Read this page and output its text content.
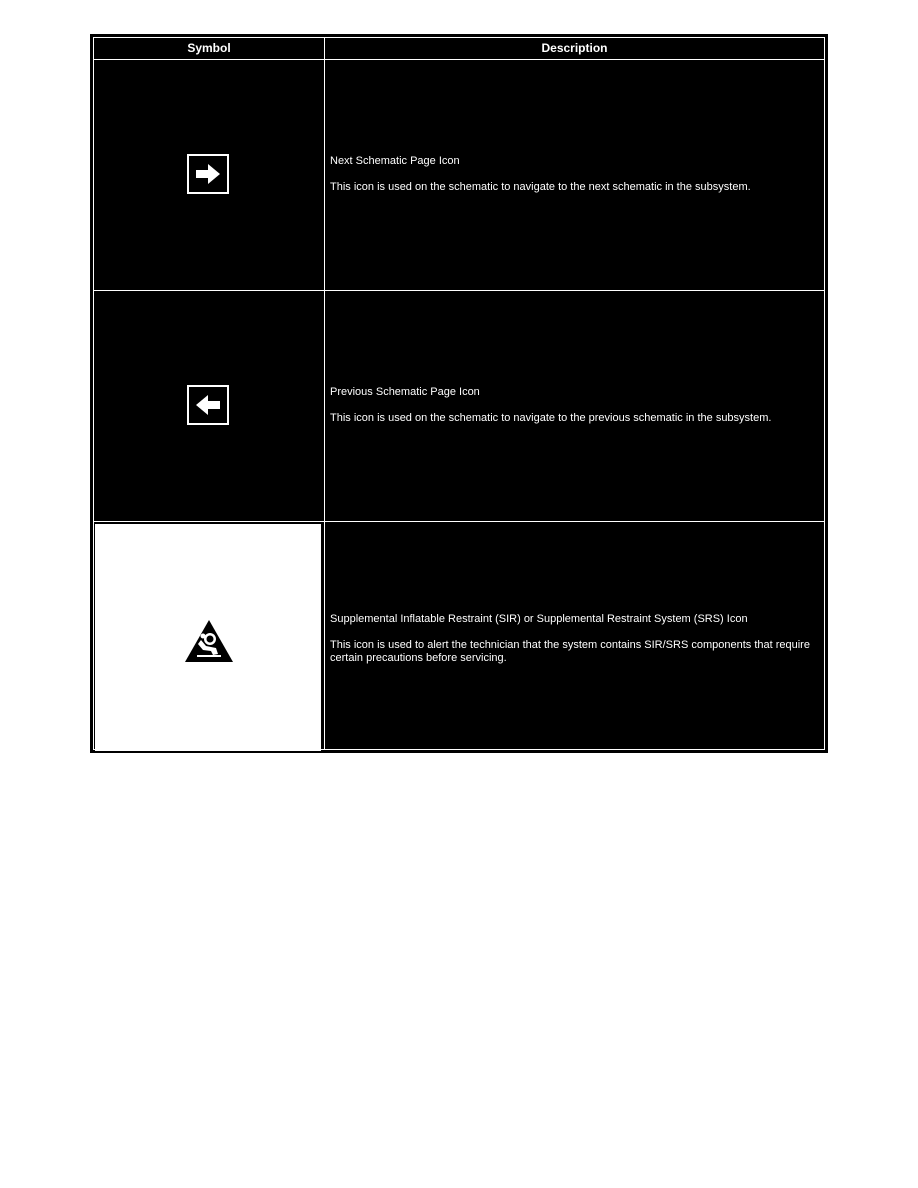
Symbol	Description
Next Schematic Page Icon
This icon is used on the schematic to navigate to the next schematic in the subsystem.
Previous Schematic Page Icon
This icon is used on the schematic to navigate to the previous schematic in the subsystem.
Supplemental Inflatable Restraint (SIR) or Supplemental Restraint System (SRS) Icon
This icon is used to alert the technician that the system contains SIR/SRS components that require certain precautions before servicing.
